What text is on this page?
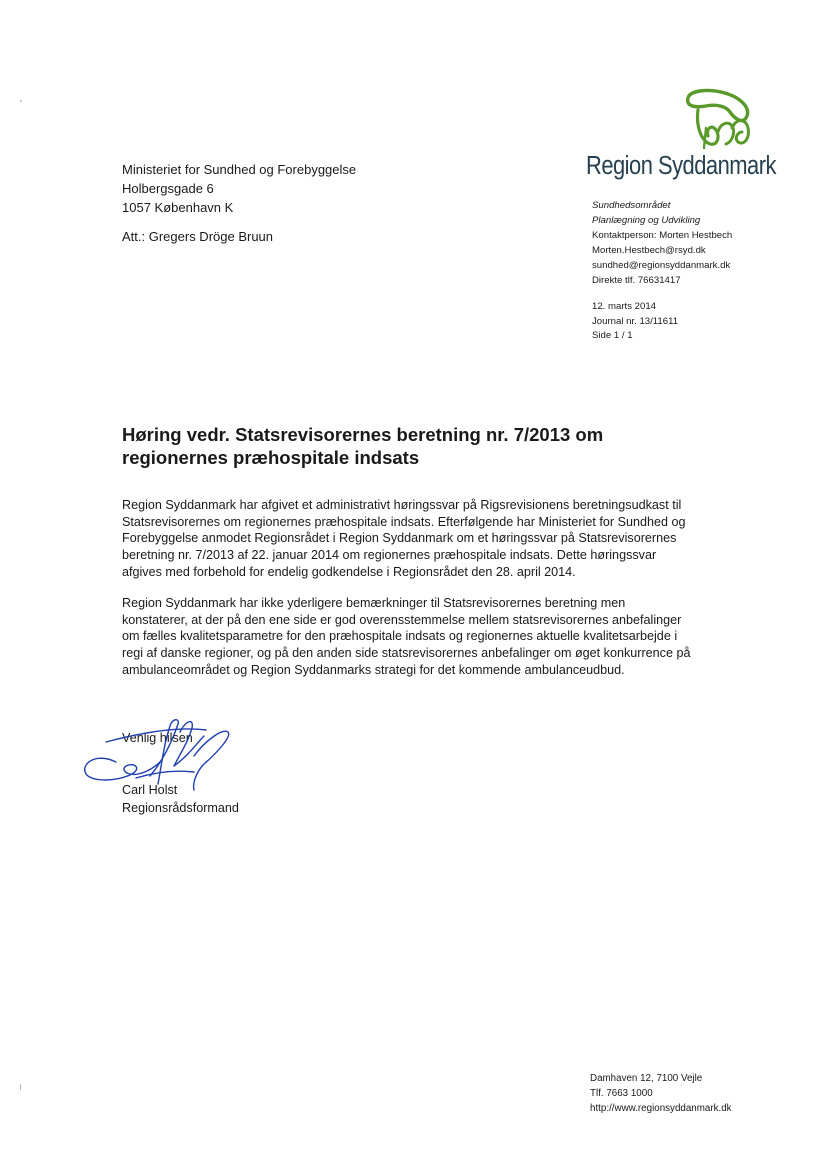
Region Syddanmark
Ministeriet for Sundhed og Forebyggelse
Holbergsgade 6
1057 København K
Att.: Gregers Dröge Bruun
Sundhedsområdet
Planlægning og Udvikling
Kontaktperson: Morten Hestbech
Morten.Hestbech@rsyd.dk
sundhed@regionsyddanmark.dk
Direkte tlf. 76631417
12. marts 2014
Journal nr. 13/11611
Side 1 / 1
Høring vedr. Statsrevisorernes beretning nr. 7/2013 om
regionernes præhospitale indsats
Region Syddanmark har afgivet et administrativt høringssvar på Rigsrevisionens beretningsudkast til
Statsrevisorernes om regionernes præhospitale indsats. Efterfølgende har Ministeriet for Sundhed og
Forebyggelse anmodet Regionsrådet i Region Syddanmark om et høringssvar på Statsrevisorernes
beretning nr. 7/2013 af 22. januar 2014 om regionernes præhospitale indsats. Dette høringssvar
afgives med forbehold for endelig godkendelse i Regionsrådet den 28. april 2014.
Region Syddanmark har ikke yderligere bemærkninger til Statsrevisorernes beretning men
konstaterer, at der på den ene side er god overensstemmelse mellem statsrevisorernes anbefalinger
om fælles kvalitetsparametre for den præhospitale indsats og regionernes aktuelle kvalitetsarbejde i
regi af danske regioner, og på den anden side statsrevisorernes anbefalinger om øget konkurrence på
ambulanceområdet og Region Syddanmarks strategi for det kommende ambulanceudbud.
Venlig hilsen
Carl Holst
Regionsrådsformand
Damhaven 12, 7100 Vejle
Tlf. 7663 1000
http://www.regionsyddanmark.dk
